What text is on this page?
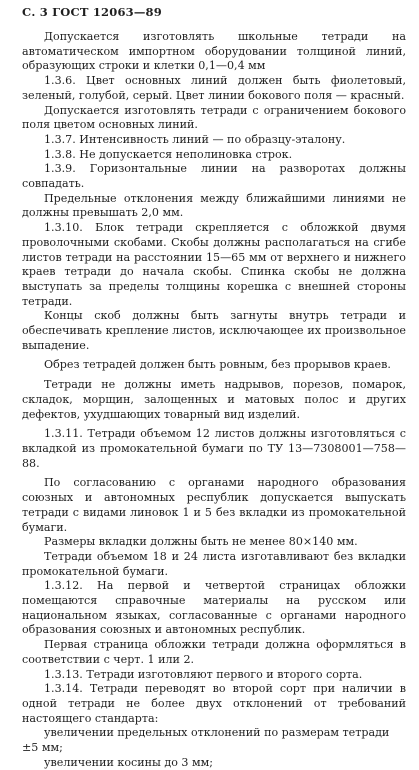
С. 3 ГОСТ 12063—89

Допускается изготовлять школьные тетради на автоматическом импортном оборудовании толщиной линий, образующих строки и клетки 0,1—0,4 мм

1.3.6. Цвет основных линий должен быть фиолетовый, зеленый, голубой, серый. Цвет линии бокового поля — красный.

Допускается изготовлять тетради с ограничением бокового поля цветом основных линий.

1.3.7. Интенсивность линий — по образцу-эталону.

1.3.8. Не допускается неполиновка строк.

1.3.9. Горизонтальные линии на разворотах должны совпадать.

Предельные отклонения между ближайшими линиями не должны превышать 2,0 мм.

1.3.10. Блок тетради скрепляется с обложкой двумя проволочными скобами. Скобы должны располагаться на сгибе листов тетради на расстоянии 15—65 мм от верхнего и нижнего краев тетради до начала скобы. Спинка скобы не должна выступать за пределы толщины корешка с внешней стороны тетради.

Концы скоб должны быть загнуты внутрь тетради и обеспечивать крепление листов, исключающее их произвольное выпадение.

Обрез тетрадей должен быть ровным, без прорывов краев.

Тетради не должны иметь надрывов, порезов, помарок, складок, морщин, залощенных и матовых полос и других дефектов, ухудшающих товарный вид изделий.

1.3.11. Тетради объемом 12 листов должны изготовляться с вкладкой из промокательной бумаги по ТУ 13—7308001—758—88.

По согласованию с органами народного образования союзных и автономных республик допускается выпускать тетради с видами линовок 1 и 5 без вкладки из промокательной бумаги.

Размеры вкладки должны быть не менее 80×140 мм.

Тетради объемом 18 и 24 листа изготавливают без вкладки промокательной бумаги.

1.3.12. На первой и четвертой страницах обложки помещаются справочные материалы на русском или национальном языках, согласованные с органами народного образования союзных и автономных республик.

Первая страница обложки тетради должна оформляться в соответствии с черт. 1 или 2.

1.3.13. Тетради изготовляют первого и второго сорта.

1.3.14. Тетради переводят во второй сорт при наличии в одной тетради не более двух отклонений от требований настоящего стандарта:

увеличении предельных отклонений по размерам тетради ±5 мм;

увеличении косины до 3 мм;
